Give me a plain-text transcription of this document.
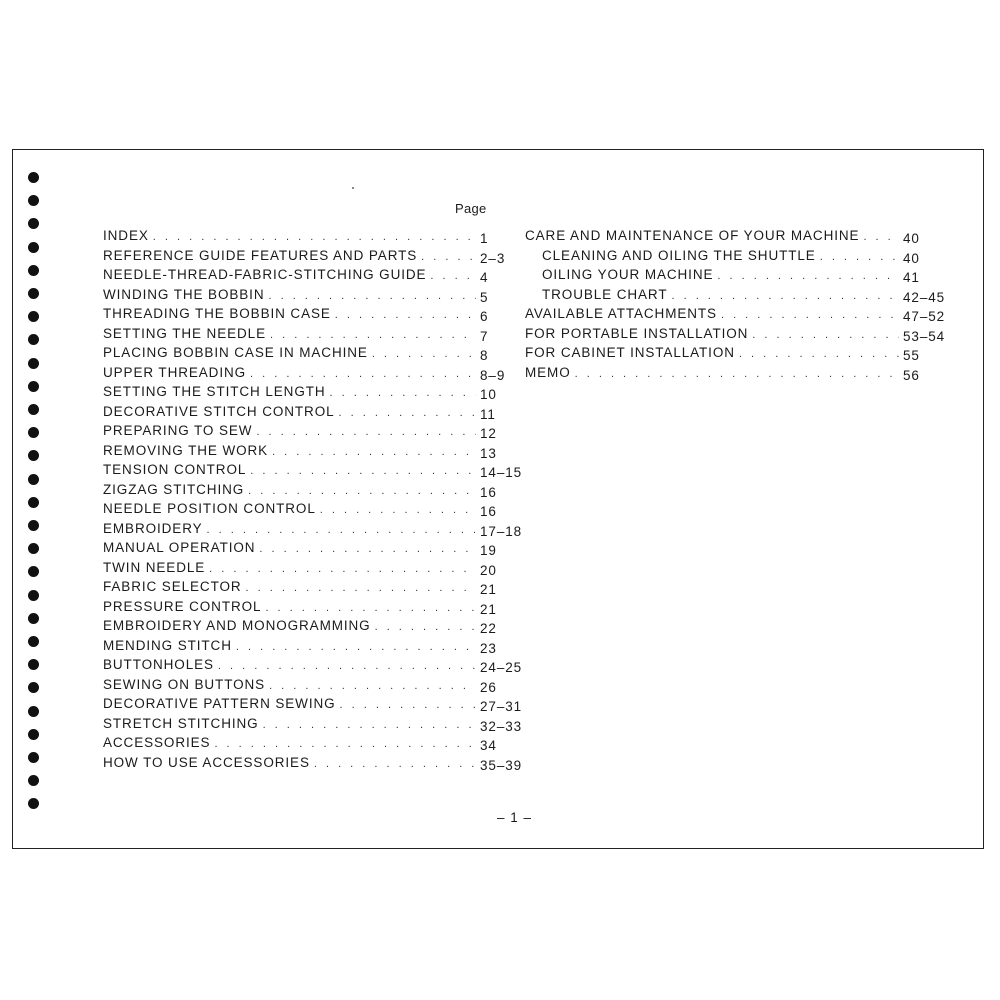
Page
INDEX . . .	1
REFERENCE GUIDE FEATURES AND PARTS . . .	2–3
NEEDLE-THREAD-FABRIC-STITCHING GUIDE . . .	4
WINDING THE BOBBIN . . .	5
THREADING THE BOBBIN CASE . . .	6
SETTING THE NEEDLE . . .	7
PLACING BOBBIN CASE IN MACHINE . . .	8
UPPER THREADING . . .	8–9
SETTING THE STITCH LENGTH . . .	10
DECORATIVE STITCH CONTROL . . .	11
PREPARING TO SEW . . .	12
REMOVING THE WORK . . .	13
TENSION CONTROL . . .	14–15
ZIGZAG STITCHING . . .	16
NEEDLE POSITION CONTROL . . .	16
EMBROIDERY . . .	17–18
MANUAL OPERATION . . .	19
TWIN NEEDLE . . .	20
FABRIC SELECTOR . . .	21
PRESSURE CONTROL . . .	21
EMBROIDERY AND MONOGRAMMING . . .	22
MENDING STITCH . . .	23
BUTTONHOLES . . .	24–25
SEWING ON BUTTONS . . .	26
DECORATIVE PATTERN SEWING . . .	27–31
STRETCH STITCHING . . .	32–33
ACCESSORIES . . .	34
HOW TO USE ACCESSORIES . . .	35–39
CARE AND MAINTENANCE OF YOUR MACHINE . . .	40
CLEANING AND OILING THE SHUTTLE . . .	40
OILING YOUR MACHINE . . .	41
TROUBLE CHART . . .	42–45
AVAILABLE ATTACHMENTS . . .	47–52
FOR PORTABLE INSTALLATION . . .	53–54
FOR CABINET INSTALLATION . . .	55
MEMO . . .	56
– 1 –
